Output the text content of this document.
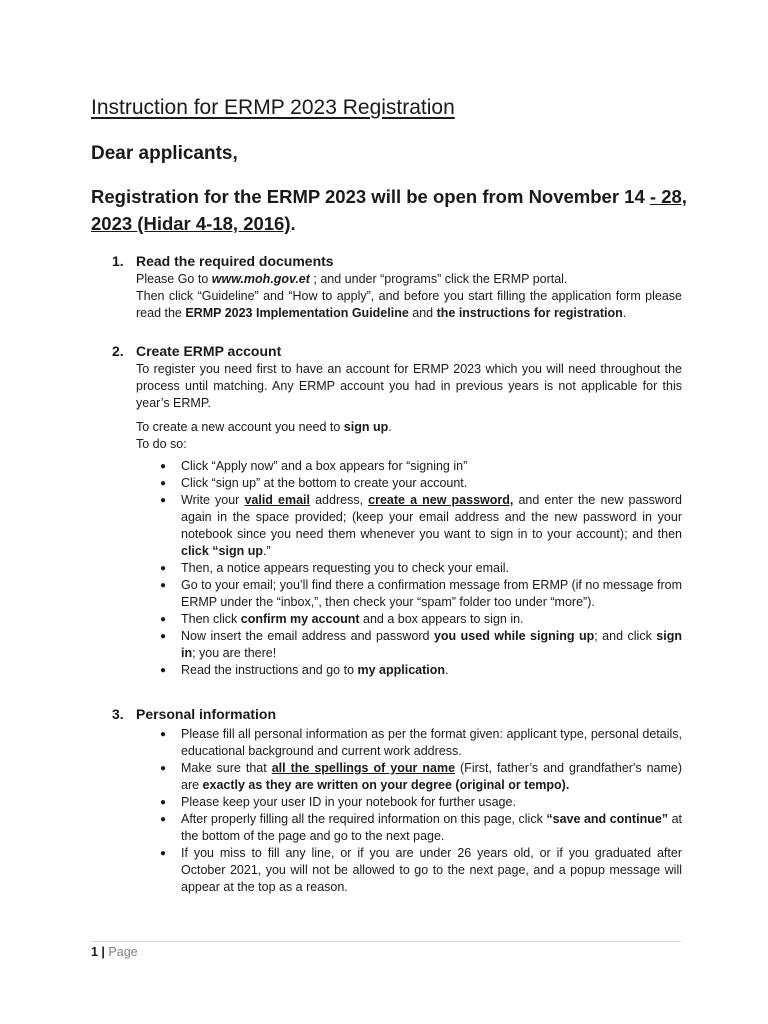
Instruction for ERMP 2023 Registration
Dear applicants,
Registration for the ERMP 2023 will be open from November 14 - 28, 2023 (Hidar 4-18, 2016).
1. Read the required documents
Please Go to www.moh.gov.et ; and under “programs” click the ERMP portal.
Then click “Guideline” and “How to apply”, and before you start filling the application form please read the ERMP 2023 Implementation Guideline and the instructions for registration.
2. Create ERMP account
To register you need first to have an account for ERMP 2023 which you will need throughout the process until matching. Any ERMP account you had in previous years is not applicable for this year’s ERMP.
To create a new account you need to sign up.
To do so:
● Click “Apply now” and a box appears for “signing in”
● Click “sign up” at the bottom to create your account.
● Write your valid email address, create a new password, and enter the new password again in the space provided; (keep your email address and the new password in your notebook since you need them whenever you want to sign in to your account); and then click “sign up.”
● Then, a notice appears requesting you to check your email.
● Go to your email; you’ll find there a confirmation message from ERMP (if no message from ERMP under the “inbox,”, then check your “spam” folder too under “more”).
● Then click confirm my account and a box appears to sign in.
● Now insert the email address and password you used while signing up; and click sign in; you are there!
● Read the instructions and go to my application.
3. Personal information
● Please fill all personal information as per the format given: applicant type, personal details, educational background and current work address.
● Make sure that all the spellings of your name (First, father’s and grandfather's name) are exactly as they are written on your degree (original or tempo).
● Please keep your user ID in your notebook for further usage.
● After properly filling all the required information on this page, click “save and continue” at the bottom of the page and go to the next page.
● If you miss to fill any line, or if you are under 26 years old, or if you graduated after October 2021, you will not be allowed to go to the next page, and a popup message will appear at the top as a reason.
1 | Page
